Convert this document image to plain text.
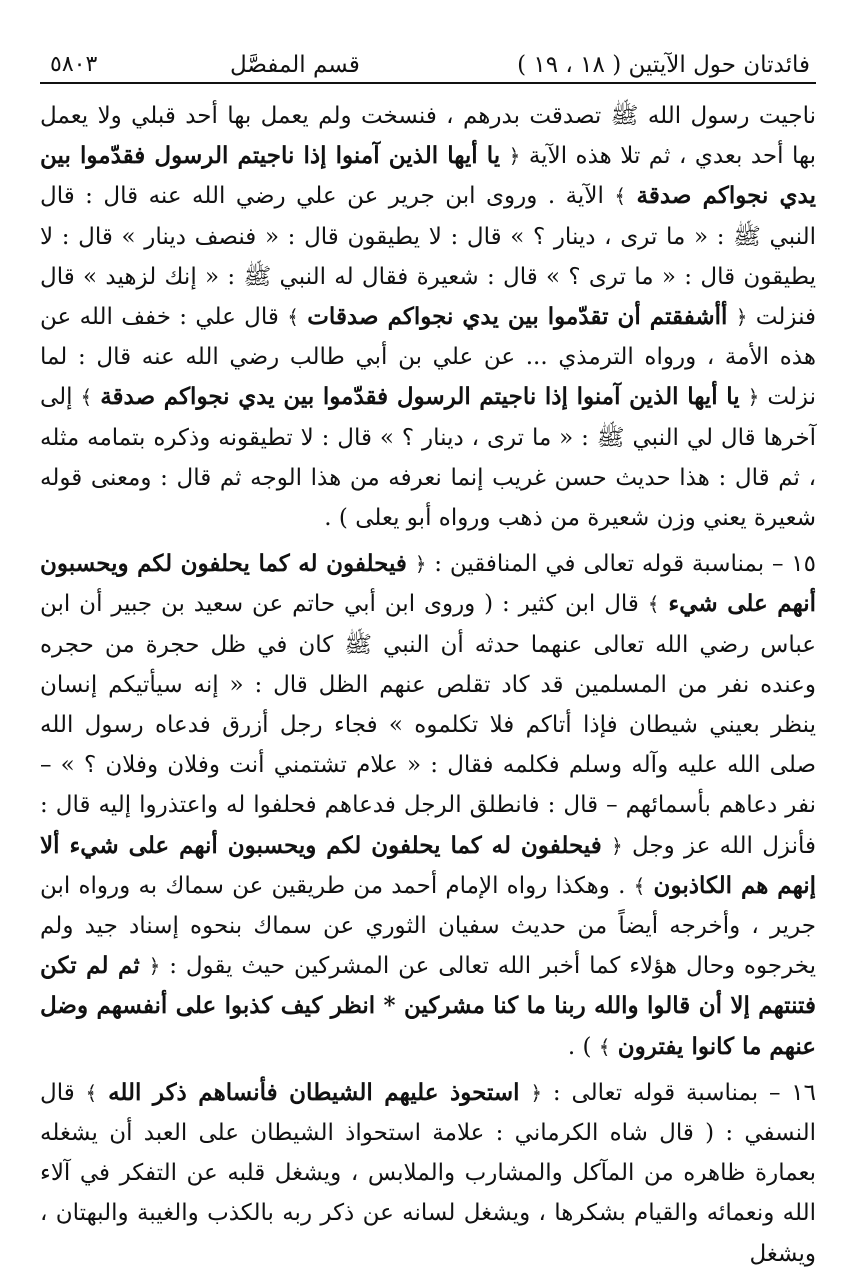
فائدتان حول الآيتين ( ١٨ ، ١٩ )
قسم المفصَّل
٥٨٠٣

ناجيت رسول الله ﷺ تصدقت بدرهم ، فنسخت ولم يعمل بها أحد قبلي ولا يعمل بها أحد بعدي ، ثم تلا هذه الآية ﴿ يا أيها الذين آمنوا إذا ناجيتم الرسول فقدّموا بين يدي نجواكم صدقة ﴾ الآية . وروى ابن جرير عن علي رضي الله عنه قال : قال النبي ﷺ : « ما ترى ، دينار ؟ » قال : لا يطيقون قال : « فنصف دينار » قال : لا يطيقون قال : « ما ترى ؟ » قال : شعيرة فقال له النبي ﷺ : « إنك لزهيد » قال فنزلت ﴿ أأشفقتم أن تقدّموا بين يدي نجواكم صدقات ﴾ قال علي : خفف الله عن هذه الأمة ، ورواه الترمذي ... عن علي بن أبي طالب رضي الله عنه قال : لما نزلت ﴿ يا أيها الذين آمنوا إذا ناجيتم الرسول فقدّموا بين يدي نجواكم صدقة ﴾ إلى آخرها قال لي النبي ﷺ : « ما ترى ، دينار ؟ » قال : لا تطيقونه وذكره بتمامه مثله ، ثم قال : هذا حديث حسن غريب إنما نعرفه من هذا الوجه ثم قال : ومعنى قوله شعيرة يعني وزن شعيرة من ذهب ورواه أبو يعلى ) .

١٥ – بمناسبة قوله تعالى في المنافقين : ﴿ فيحلفون له كما يحلفون لكم ويحسبون أنهم على شيء ﴾ قال ابن كثير : ( وروى ابن أبي حاتم عن سعيد بن جبير أن ابن عباس رضي الله تعالى عنهما حدثه أن النبي ﷺ كان في ظل حجرة من حجره وعنده نفر من المسلمين قد كاد تقلص عنهم الظل قال : « إنه سيأتيكم إنسان ينظر بعيني شيطان فإذا أتاكم فلا تكلموه » فجاء رجل أزرق فدعاه رسول الله صلى الله عليه وآله وسلم فكلمه فقال : « علام تشتمني أنت وفلان وفلان ؟ » – نفر دعاهم بأسمائهم – قال : فانطلق الرجل فدعاهم فحلفوا له واعتذروا إليه قال : فأنزل الله عز وجل ﴿ فيحلفون له كما يحلفون لكم ويحسبون أنهم على شيء ألا إنهم هم الكاذبون ﴾ . وهكذا رواه الإمام أحمد من طريقين عن سماك به ورواه ابن جرير ، وأخرجه أيضاً من حديث سفيان الثوري عن سماك بنحوه إسناد جيد ولم يخرجوه وحال هؤلاء كما أخبر الله تعالى عن المشركين حيث يقول : ﴿ ثم لم تكن فتنتهم إلا أن قالوا والله ربنا ما كنا مشركين * انظر كيف كذبوا على أنفسهم وضل عنهم ما كانوا يفترون ﴾ ) .

١٦ – بمناسبة قوله تعالى : ﴿ استحوذ عليهم الشيطان فأنساهم ذكر الله ﴾ قال النسفي : ( قال شاه الكرماني : علامة استحواذ الشيطان على العبد أن يشغله بعمارة ظاهره من المآكل والمشارب والملابس ، ويشغل قلبه عن التفكر في آلاء الله ونعمائه والقيام بشكرها ، ويشغل لسانه عن ذكر ربه بالكذب والغيبة والبهتان ، ويشغل
